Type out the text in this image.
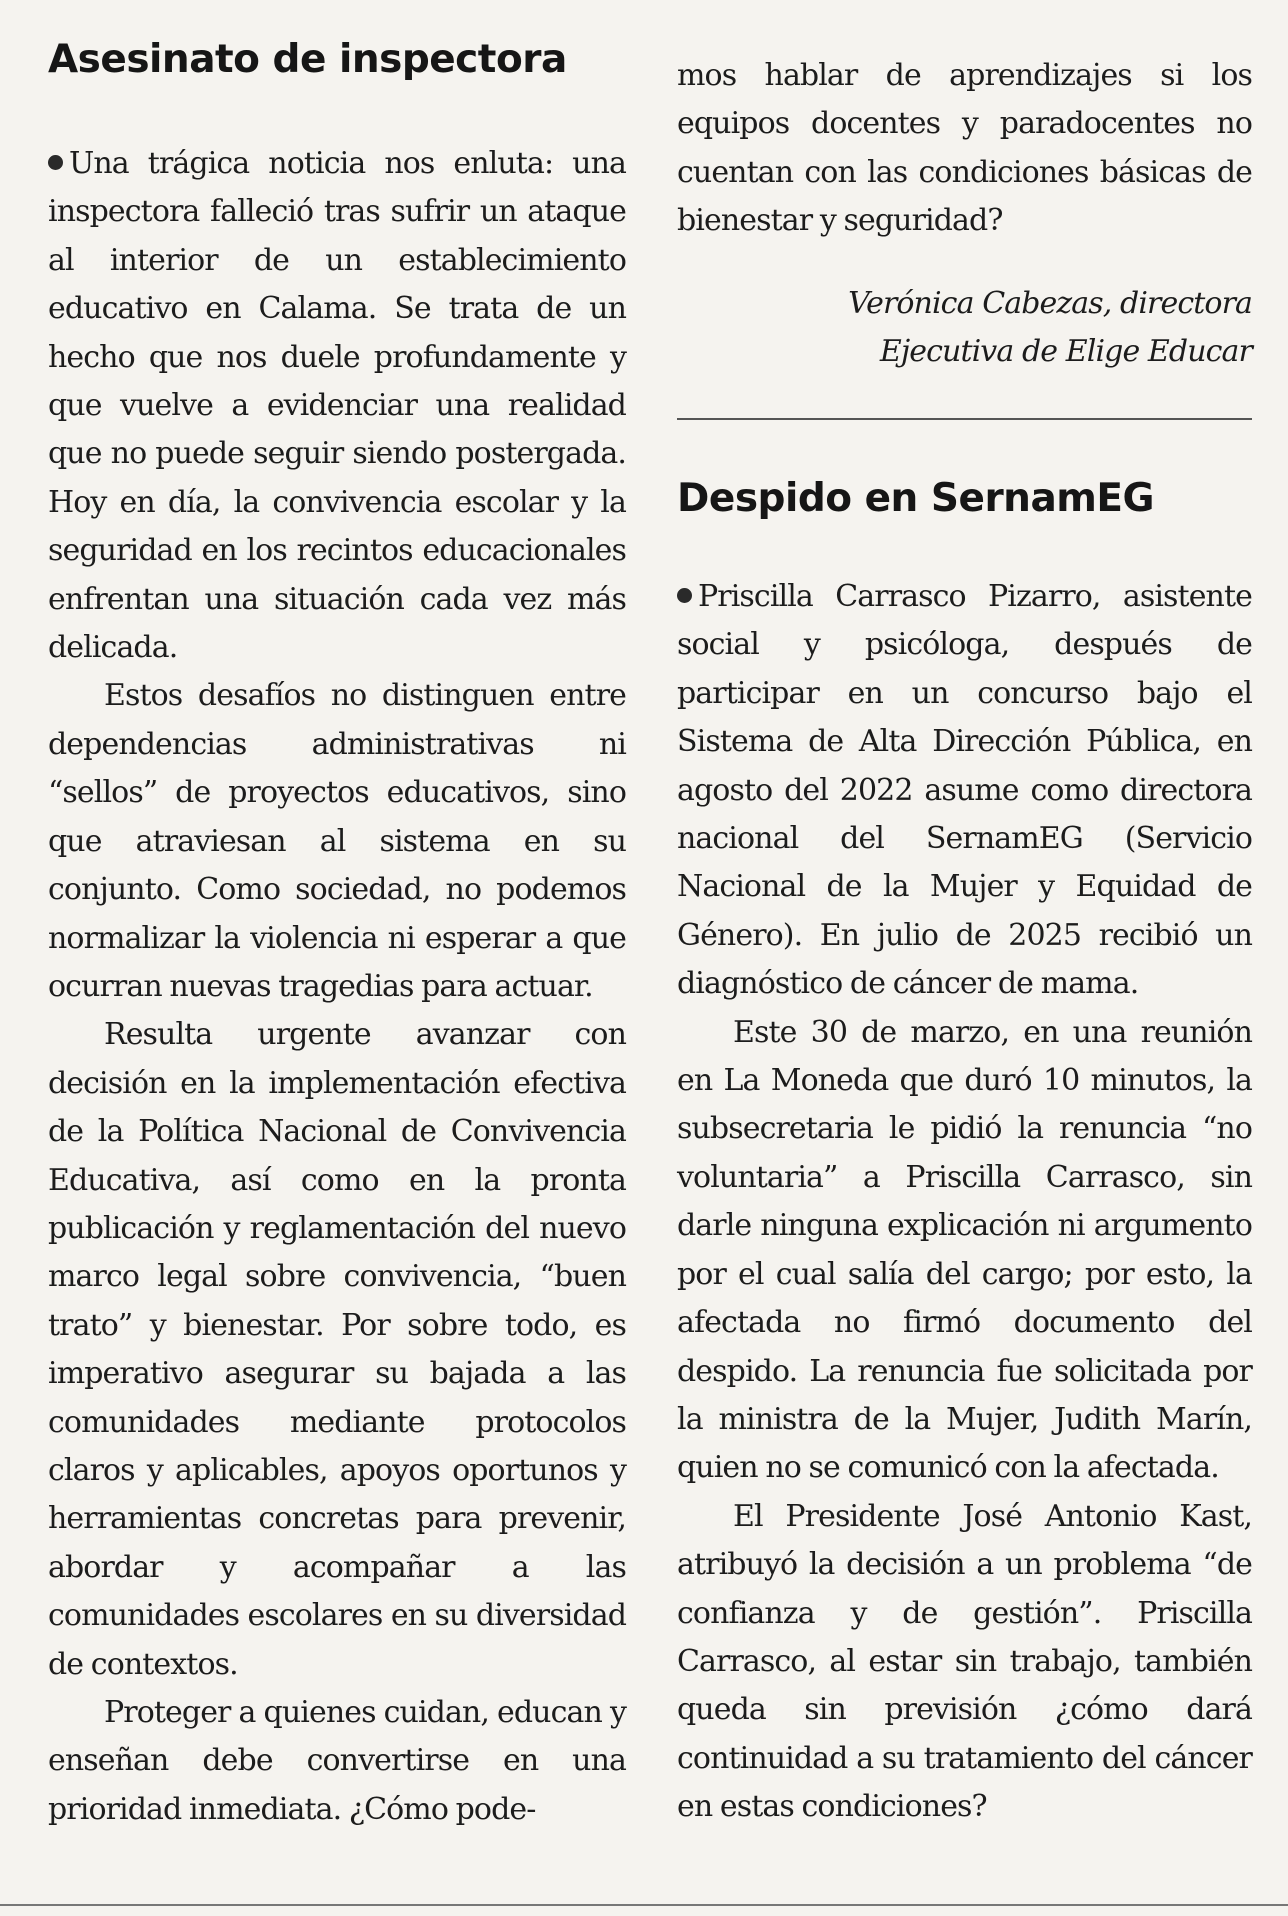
Asesinato de inspectora

Una trágica noticia nos enluta: una inspectora falleció tras sufrir un ataque al interior de un establecimiento educativo en Calama. Se trata de un hecho que nos duele profundamente y que vuelve a evidenciar una realidad que no puede seguir siendo postergada. Hoy en día, la convivencia escolar y la seguridad en los recintos educacionales enfrentan una situación cada vez más delicada.

Estos desafíos no distinguen entre dependencias administrativas ni “sellos” de proyectos educativos, sino que atraviesan al sistema en su conjunto. Como sociedad, no podemos normalizar la violencia ni esperar a que ocurran nuevas tragedias para actuar.

Resulta urgente avanzar con decisión en la implementación efectiva de la Política Nacional de Convivencia Educativa, así como en la pronta publicación y reglamentación del nuevo marco legal sobre convivencia, “buen trato” y bienestar. Por sobre todo, es imperativo asegurar su bajada a las comunidades mediante protocolos claros y aplicables, apoyos oportunos y herramientas concretas para prevenir, abordar y acompañar a las comunidades escolares en su diversidad de contextos.

Proteger a quienes cuidan, educan y enseñan debe convertirse en una prioridad inmediata. ¿Cómo pode-

mos hablar de aprendizajes si los equipos docentes y paradocentes no cuentan con las condiciones básicas de bienestar y seguridad?

Verónica Cabezas, directora
Ejecutiva de Elige Educar
Despido en SernamEG

Priscilla Carrasco Pizarro, asistente social y psicóloga, después de participar en un concurso bajo el Sistema de Alta Dirección Pública, en agosto del 2022 asume como directora nacional del SernamEG (Servicio Nacional de la Mujer y Equidad de Género). En julio de 2025 recibió un diagnóstico de cáncer de mama.

Este 30 de marzo, en una reunión en La Moneda que duró 10 minutos, la subsecretaria le pidió la renuncia “no voluntaria” a Priscilla Carrasco, sin darle ninguna explicación ni argumento por el cual salía del cargo; por esto, la afectada no firmó documento del despido. La renuncia fue solicitada por la ministra de la Mujer, Judith Marín, quien no se comunicó con la afectada.

El Presidente José Antonio Kast, atribuyó la decisión a un problema “de confianza y de gestión”. Priscilla Carrasco, al estar sin trabajo, también queda sin previsión ¿cómo dará continuidad a su tratamiento del cáncer en estas condiciones?
